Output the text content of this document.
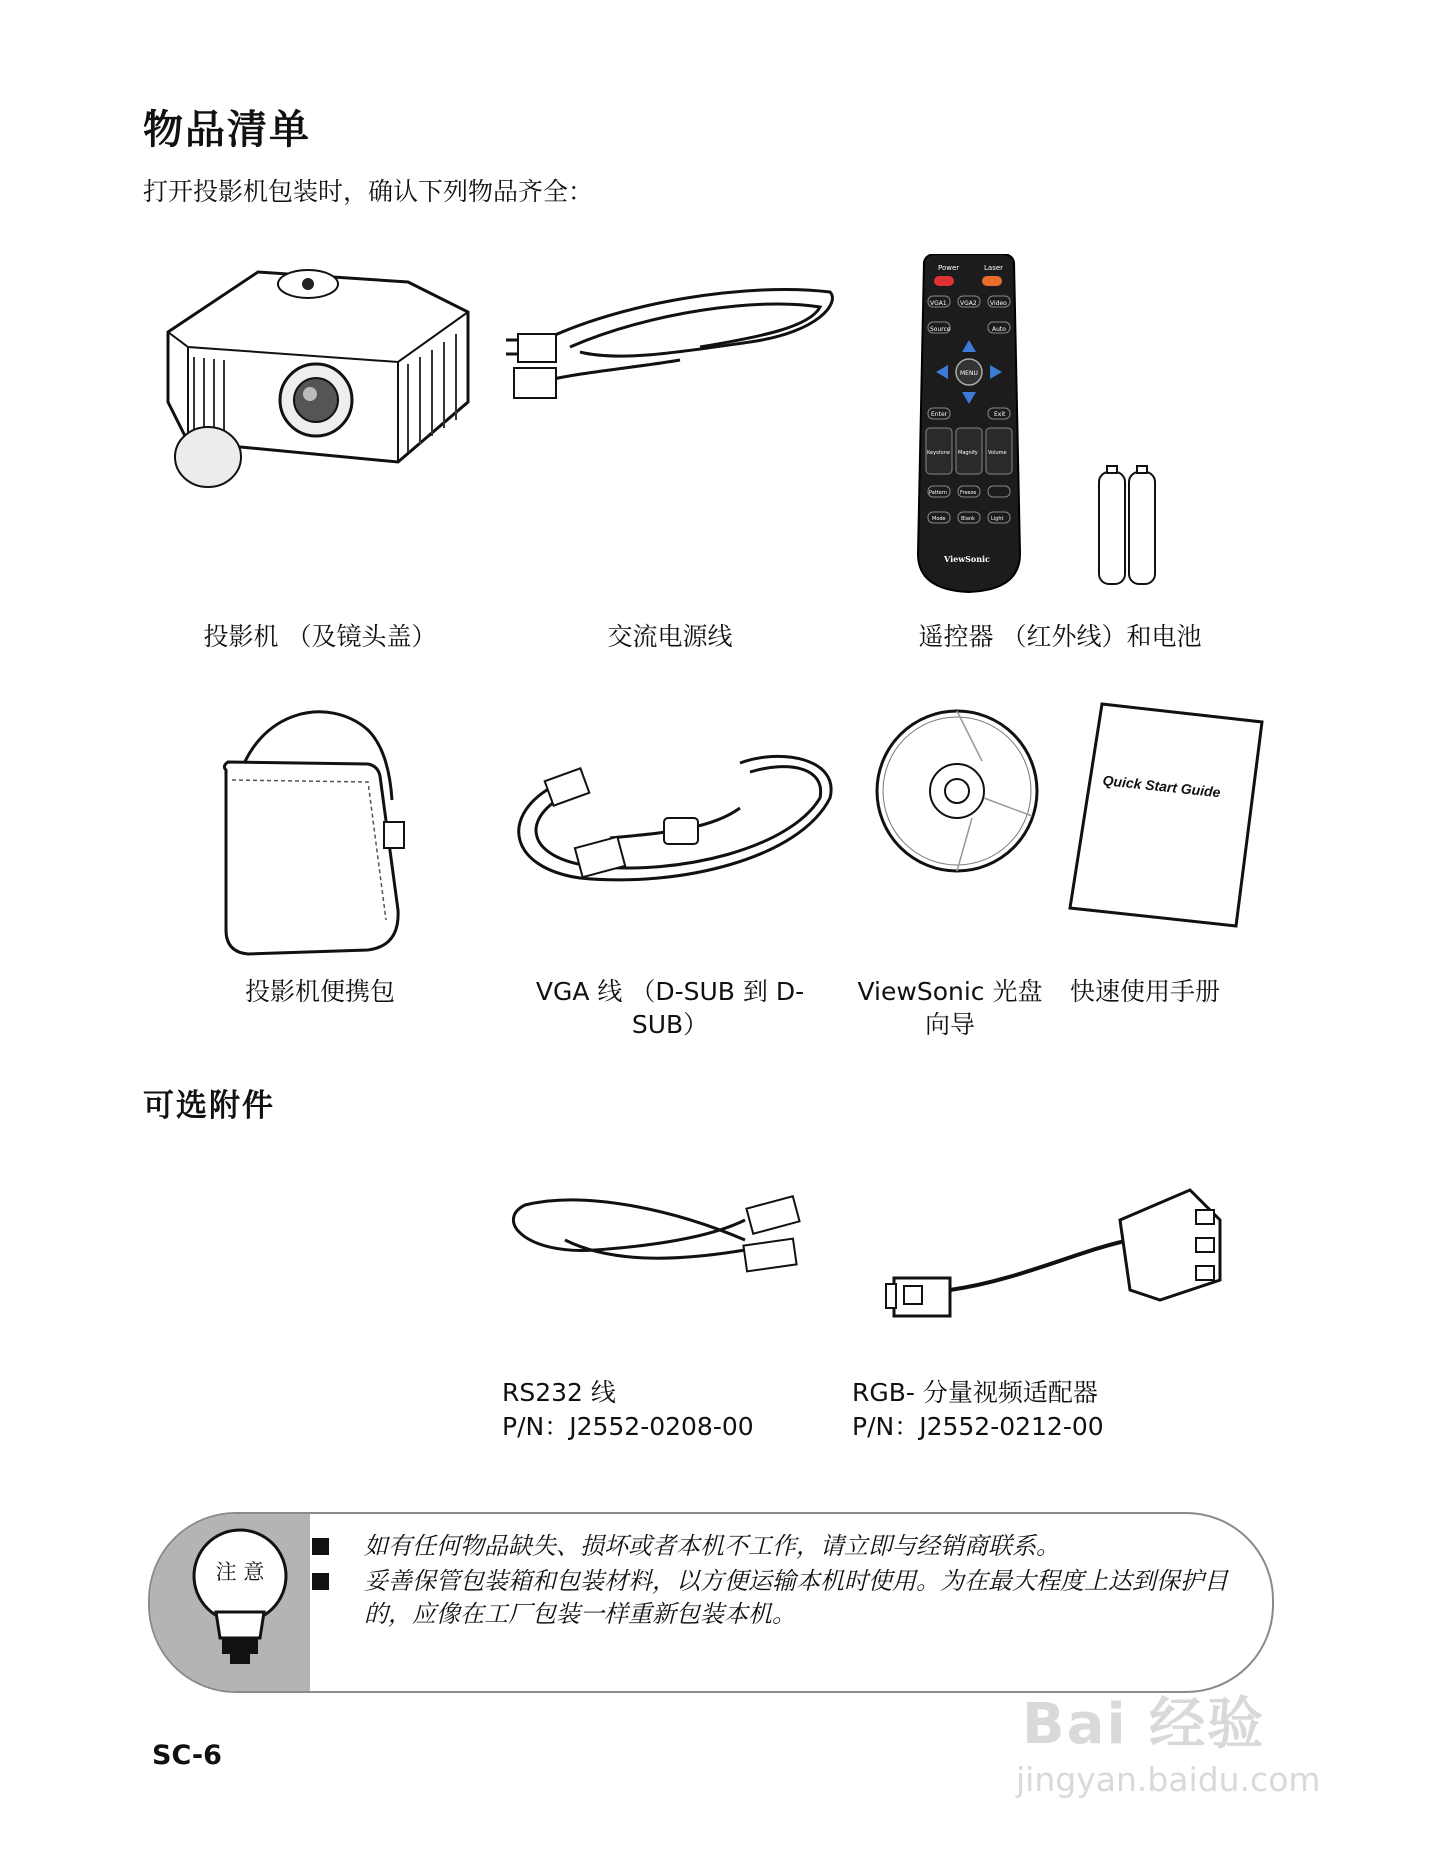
物品清单
打开投影机包装时，确认下列物品齐全：
投影机 （及镜头盖）	交流电源线
Power	Laser
VGA1 VGA2 Video
Source	Auto
MENU
Enter	Exit
Keystone Magnify Volume
Pattern	Freeze
Mode	Blank	Light
ViewSonic
遥控器 （红外线）和电池
投影机便携包	VGA 线 （D-SUB 到 D-SUB）
ViewSonic 光盘 向导
Quick Start Guide
快速使用手册
可选附件
RS232 线
P/N：J2552-0208-00
RGB- 分量视频适配器
P/N：J2552-0212-00
注 意
如有任何物品缺失、损坏或者本机不工作，请立即与经销商联系。
妥善保管包装箱和包装材料，以方便运输本机时使用。为在最大程度上达到保护目的，应像在工厂包装一样重新包装本机。
SC-6	Bai 经验
jingyan.baidu.com
